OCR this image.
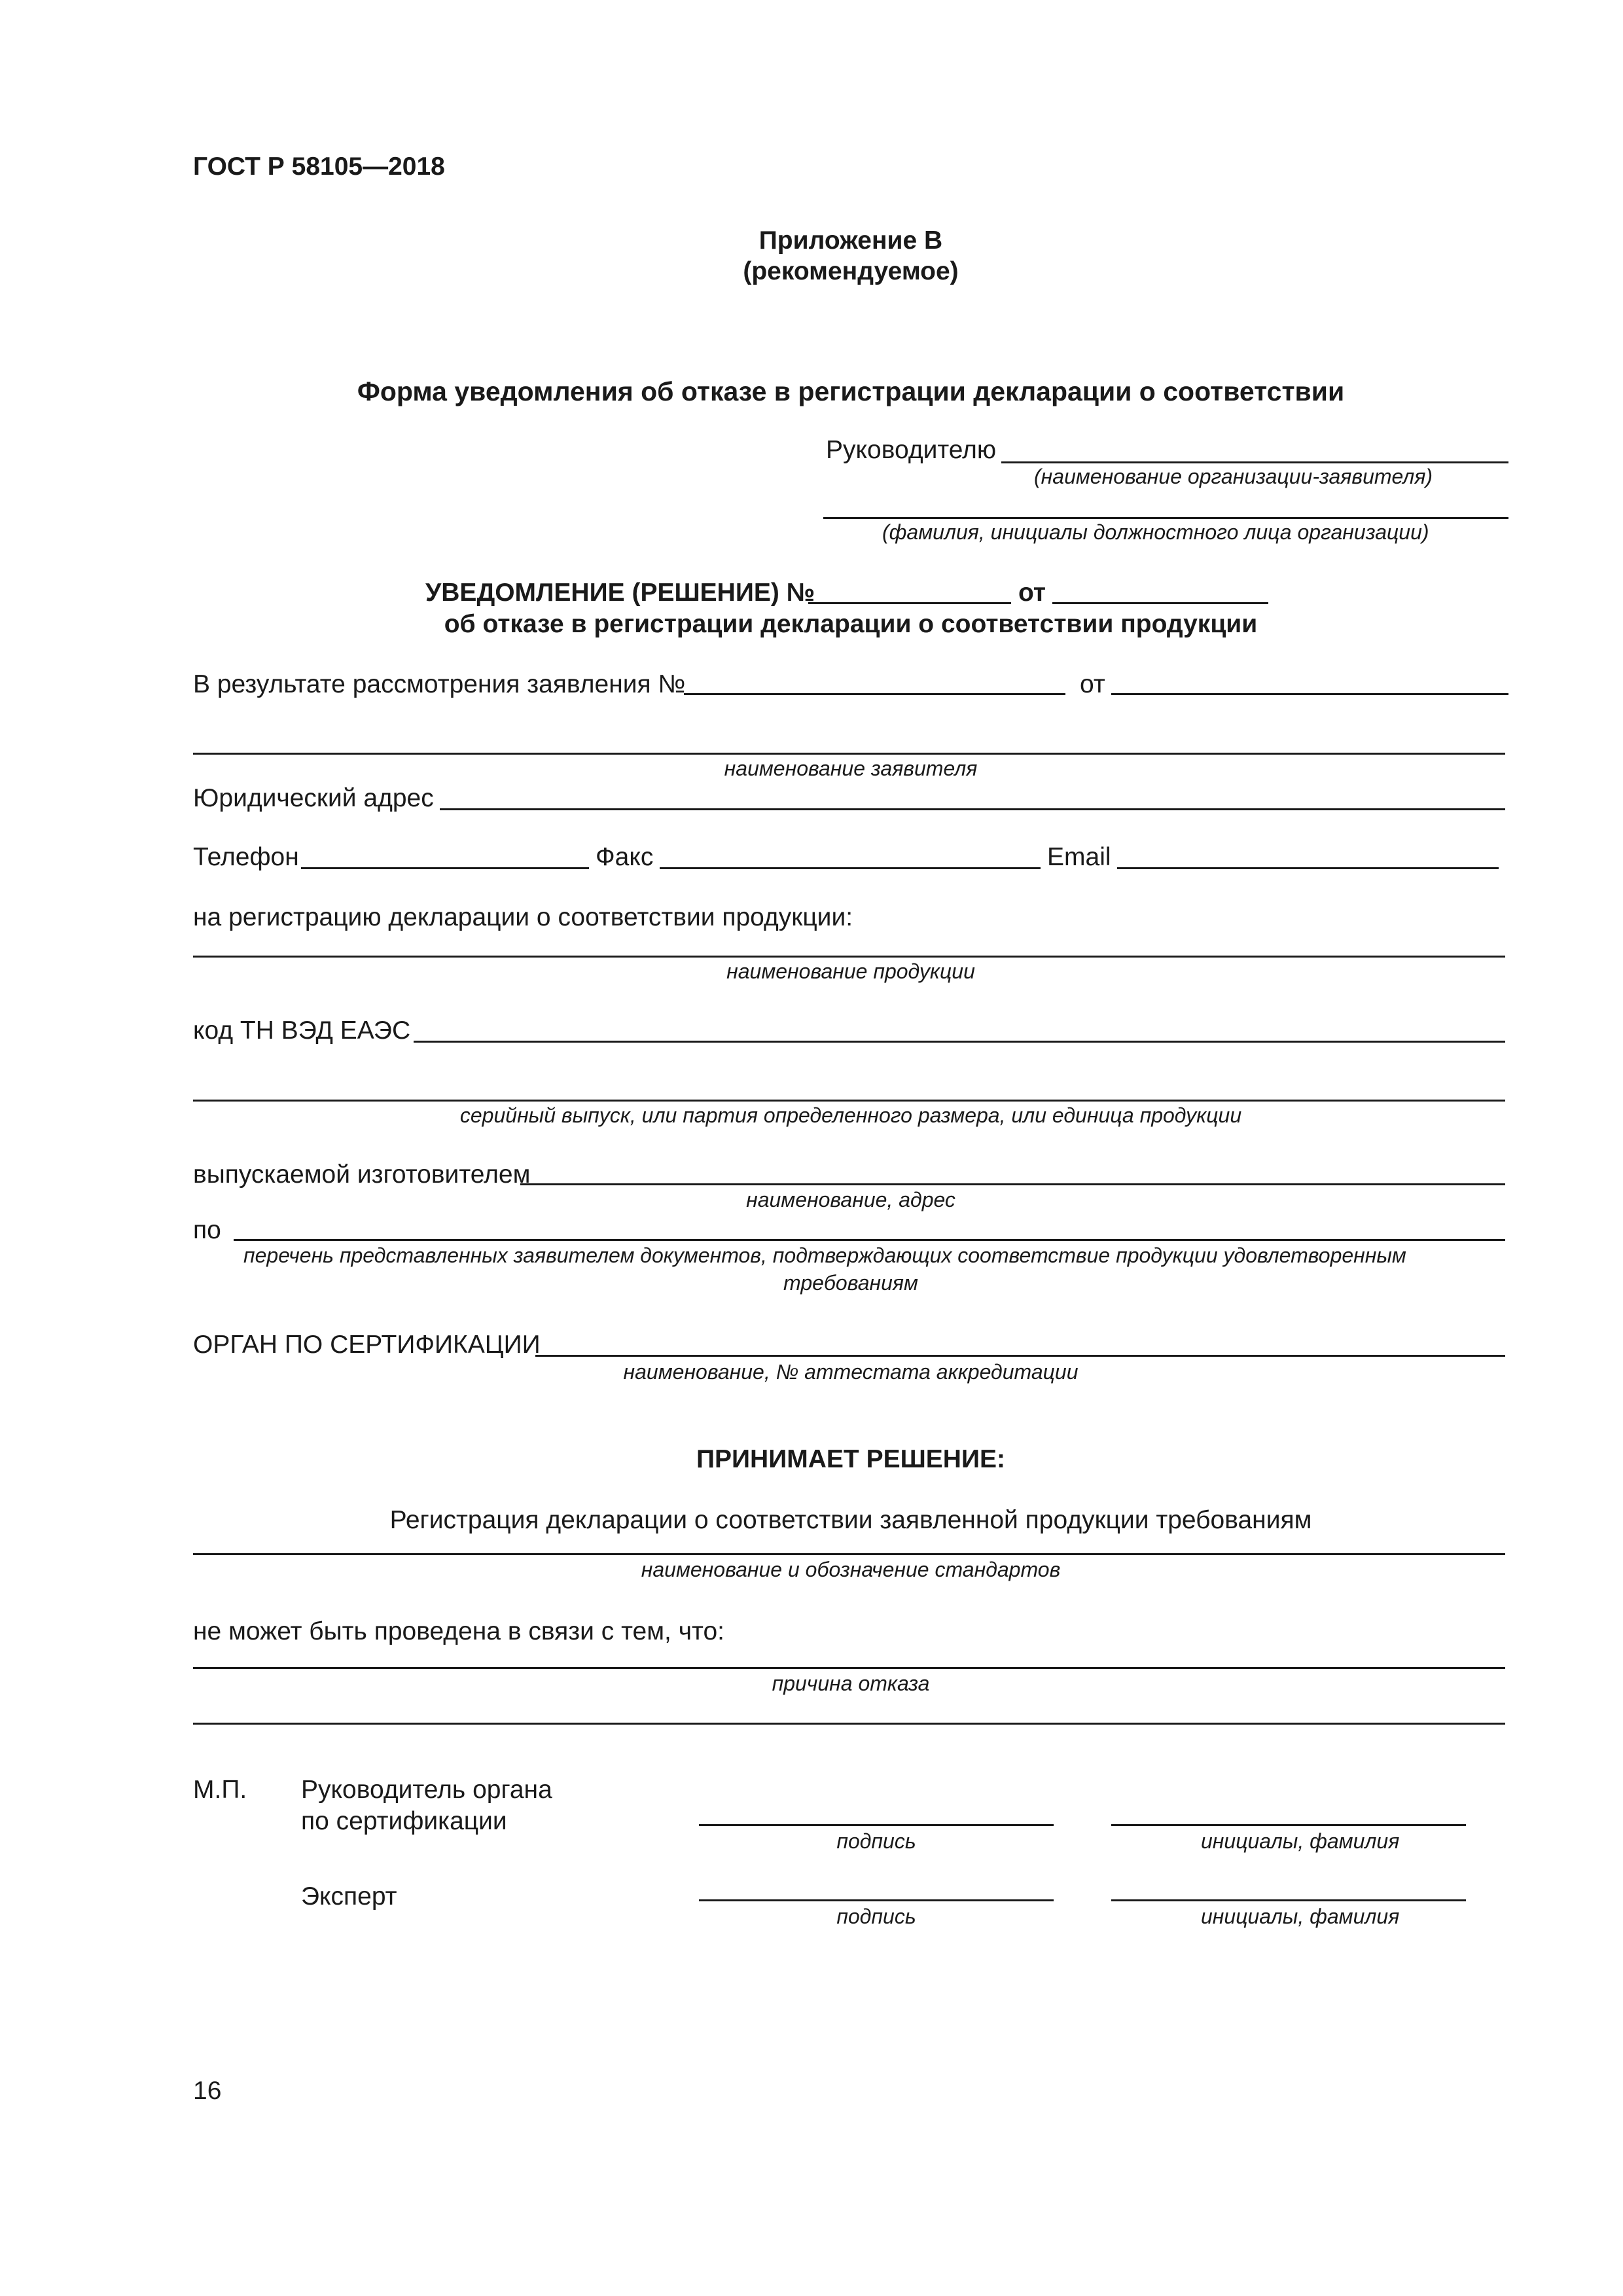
ГОСТ Р 58105—2018
Приложение В
(рекомендуемое)
Форма уведомления об отказе в регистрации декларации о соответствии
Руководителю
(наименование организации-заявителя)
(фамилия, инициалы должностного лица организации)
УВЕДОМЛЕНИЕ (РЕШЕНИЕ) №	от
об отказе в регистрации декларации о соответствии продукции
В результате рассмотрения заявления №	от
наименование заявителя
Юридический адрес
Телефон	Факс	Email
на регистрацию декларации о соответствии продукции:
наименование продукции
код ТН ВЭД ЕАЭС
серийный выпуск, или партия определенного размера, или единица продукции
выпускаемой изготовителем
наименование, адрес
по
перечень представленных заявителем документов, подтверждающих соответствие продукции удовлетворенным
требованиям
ОРГАН ПО СЕРТИФИКАЦИИ
наименование, № аттестата аккредитации
ПРИНИМАЕТ РЕШЕНИЕ:
Регистрация декларации о соответствии заявленной продукции требованиям
наименование и обозначение стандартов
не может быть проведена в связи с тем, что:
причина отказа
М.П. Руководитель органа
по сертификации
подпись	инициалы, фамилия
Эксперт
подпись	инициалы, фамилия
16
